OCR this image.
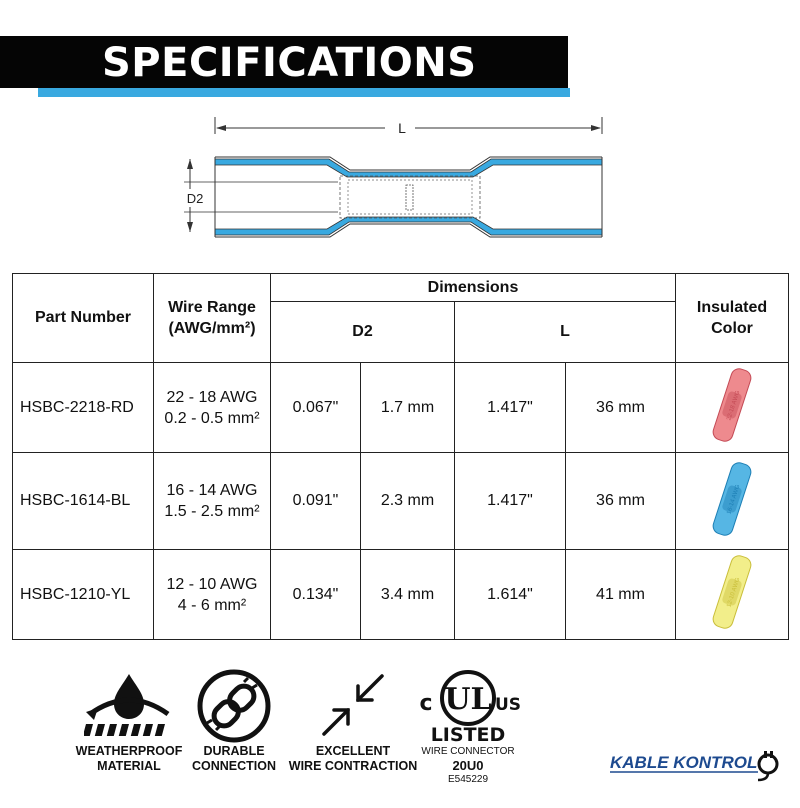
SPECIFICATIONS
L
D2
Part Number	Wire Range
(AWG/mm²)	Dimensions				Insulated
Color

		D2		L		
HSBC-2218-RD	22 - 18 AWG
0.2 - 0.5 mm²	0.067"	1.7 mm	1.417"	36 mm	22-18 AWG

HSBC-1614-BL	16 - 14 AWG
1.5 - 2.5 mm²	0.091"	2.3 mm	1.417"	36 mm	16-14 AWG

HSBC-1210-YL	12 - 10 AWG
4 - 6 mm²	0.134"	3.4 mm	1.614"	41 mm	12-10 AWG
WEATHERPROOF
MATERIAL
DURABLE
CONNECTION
EXCELLENT
WIRE CONTRACTION
UL
c	US
LISTED
WIRE CONNECTOR
20U0
E545229
KABLE KONTROL
